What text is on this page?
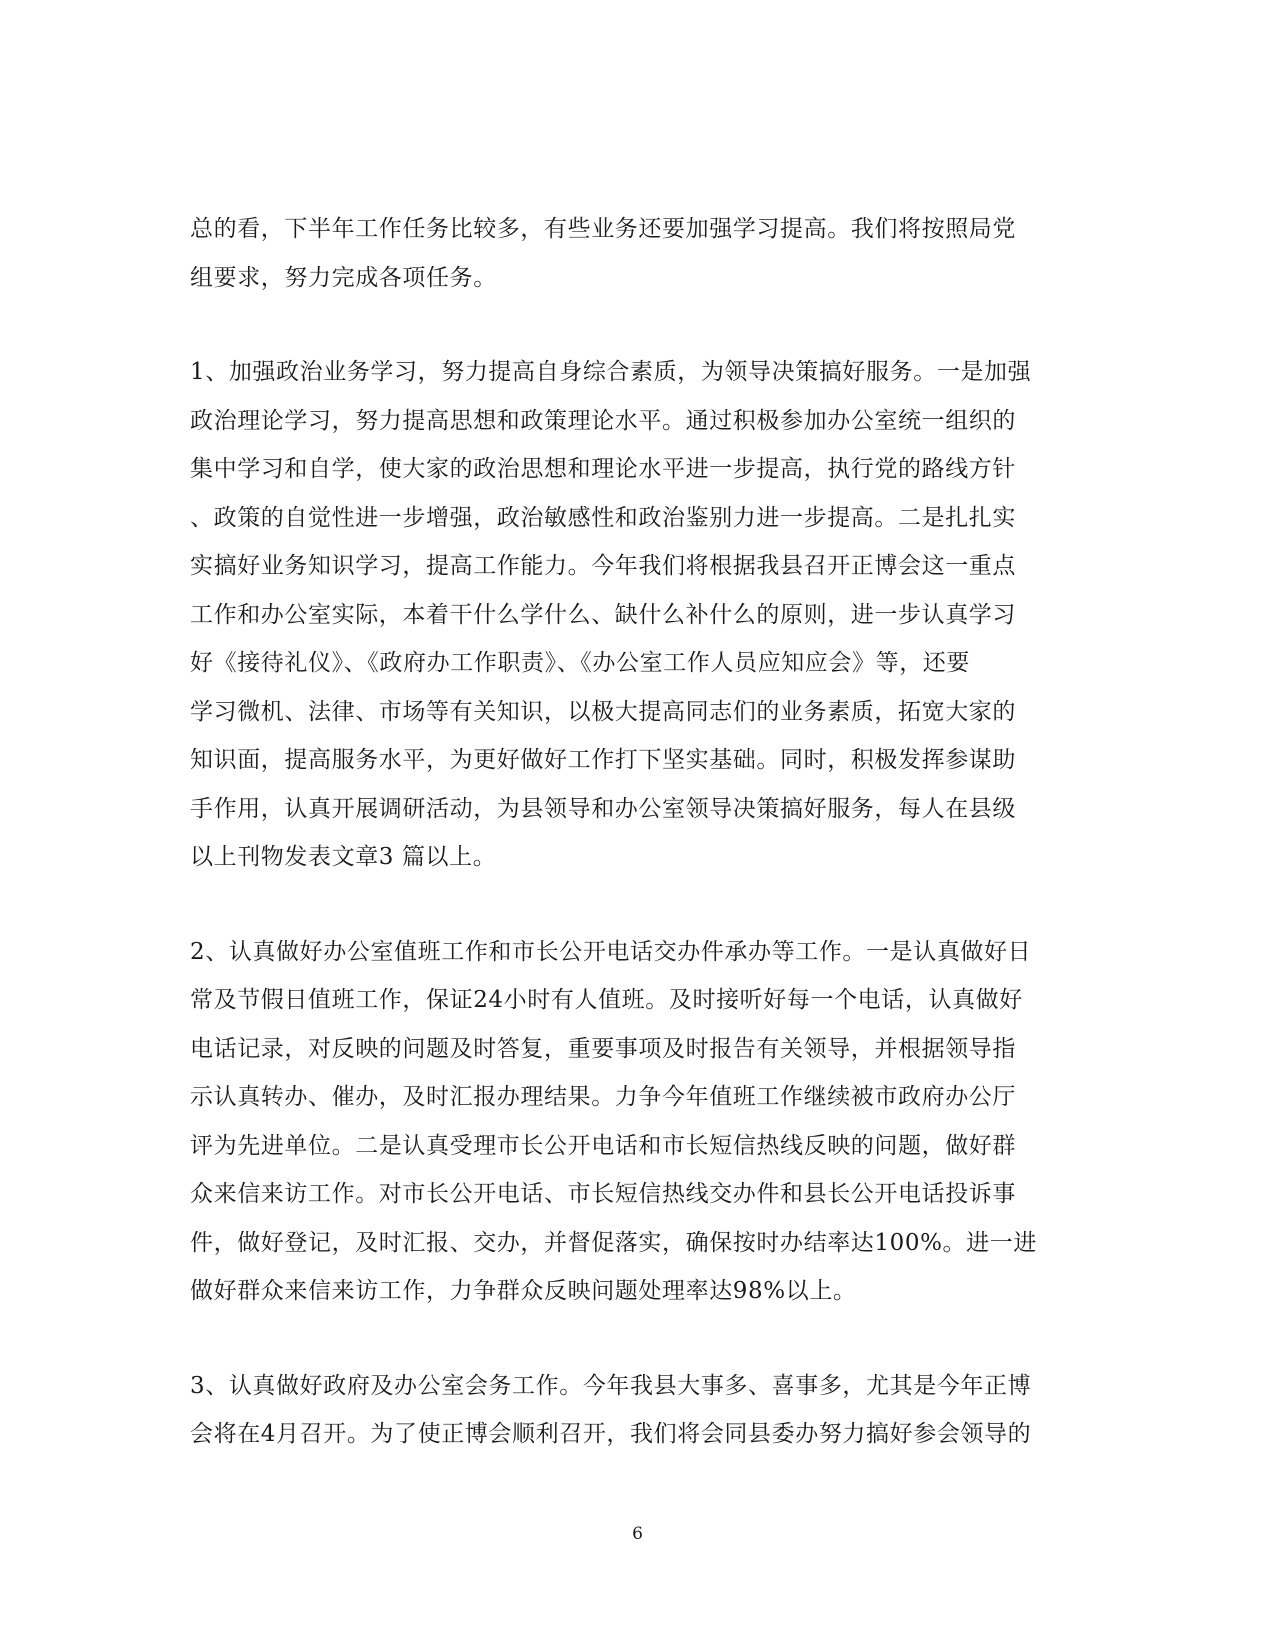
总的看，下半年工作任务比较多，有些业务还要加强学习提高。我们将按照局党
组要求，努力完成各项任务。

1、加强政治业务学习，努力提高自身综合素质，为领导决策搞好服务。一是加强
政治理论学习，努力提高思想和政策理论水平。通过积极参加办公室统一组织的
集中学习和自学，使大家的政治思想和理论水平进一步提高，执行党的路线方针
、政策的自觉性进一步增强，政治敏感性和政治鉴别力进一步提高。二是扎扎实
实搞好业务知识学习，提高工作能力。今年我们将根据我县召开正博会这一重点
工作和办公室实际，本着干什么学什么、缺什么补什么的原则，进一步认真学习
好《接待礼仪》、《政府办工作职责》、《办公室工作人员应知应会》等，还要
学习微机、法律、市场等有关知识，以极大提高同志们的业务素质，拓宽大家的
知识面，提高服务水平，为更好做好工作打下坚实基础。同时，积极发挥参谋助
手作用，认真开展调研活动，为县领导和办公室领导决策搞好服务，每人在县级
以上刊物发表文章3 篇以上。

2、认真做好办公室值班工作和市长公开电话交办件承办等工作。一是认真做好日
常及节假日值班工作，保证24小时有人值班。及时接听好每一个电话，认真做好
电话记录，对反映的问题及时答复，重要事项及时报告有关领导，并根据领导指
示认真转办、催办，及时汇报办理结果。力争今年值班工作继续被市政府办公厅
评为先进单位。二是认真受理市长公开电话和市长短信热线反映的问题，做好群
众来信来访工作。对市长公开电话、市长短信热线交办件和县长公开电话投诉事
件，做好登记，及时汇报、交办，并督促落实，确保按时办结率达100%。进一进
做好群众来信来访工作，力争群众反映问题处理率达98%以上。

3、认真做好政府及办公室会务工作。今年我县大事多、喜事多，尤其是今年正博
会将在4月召开。为了使正博会顺利召开，我们将会同县委办努力搞好参会领导的

6
